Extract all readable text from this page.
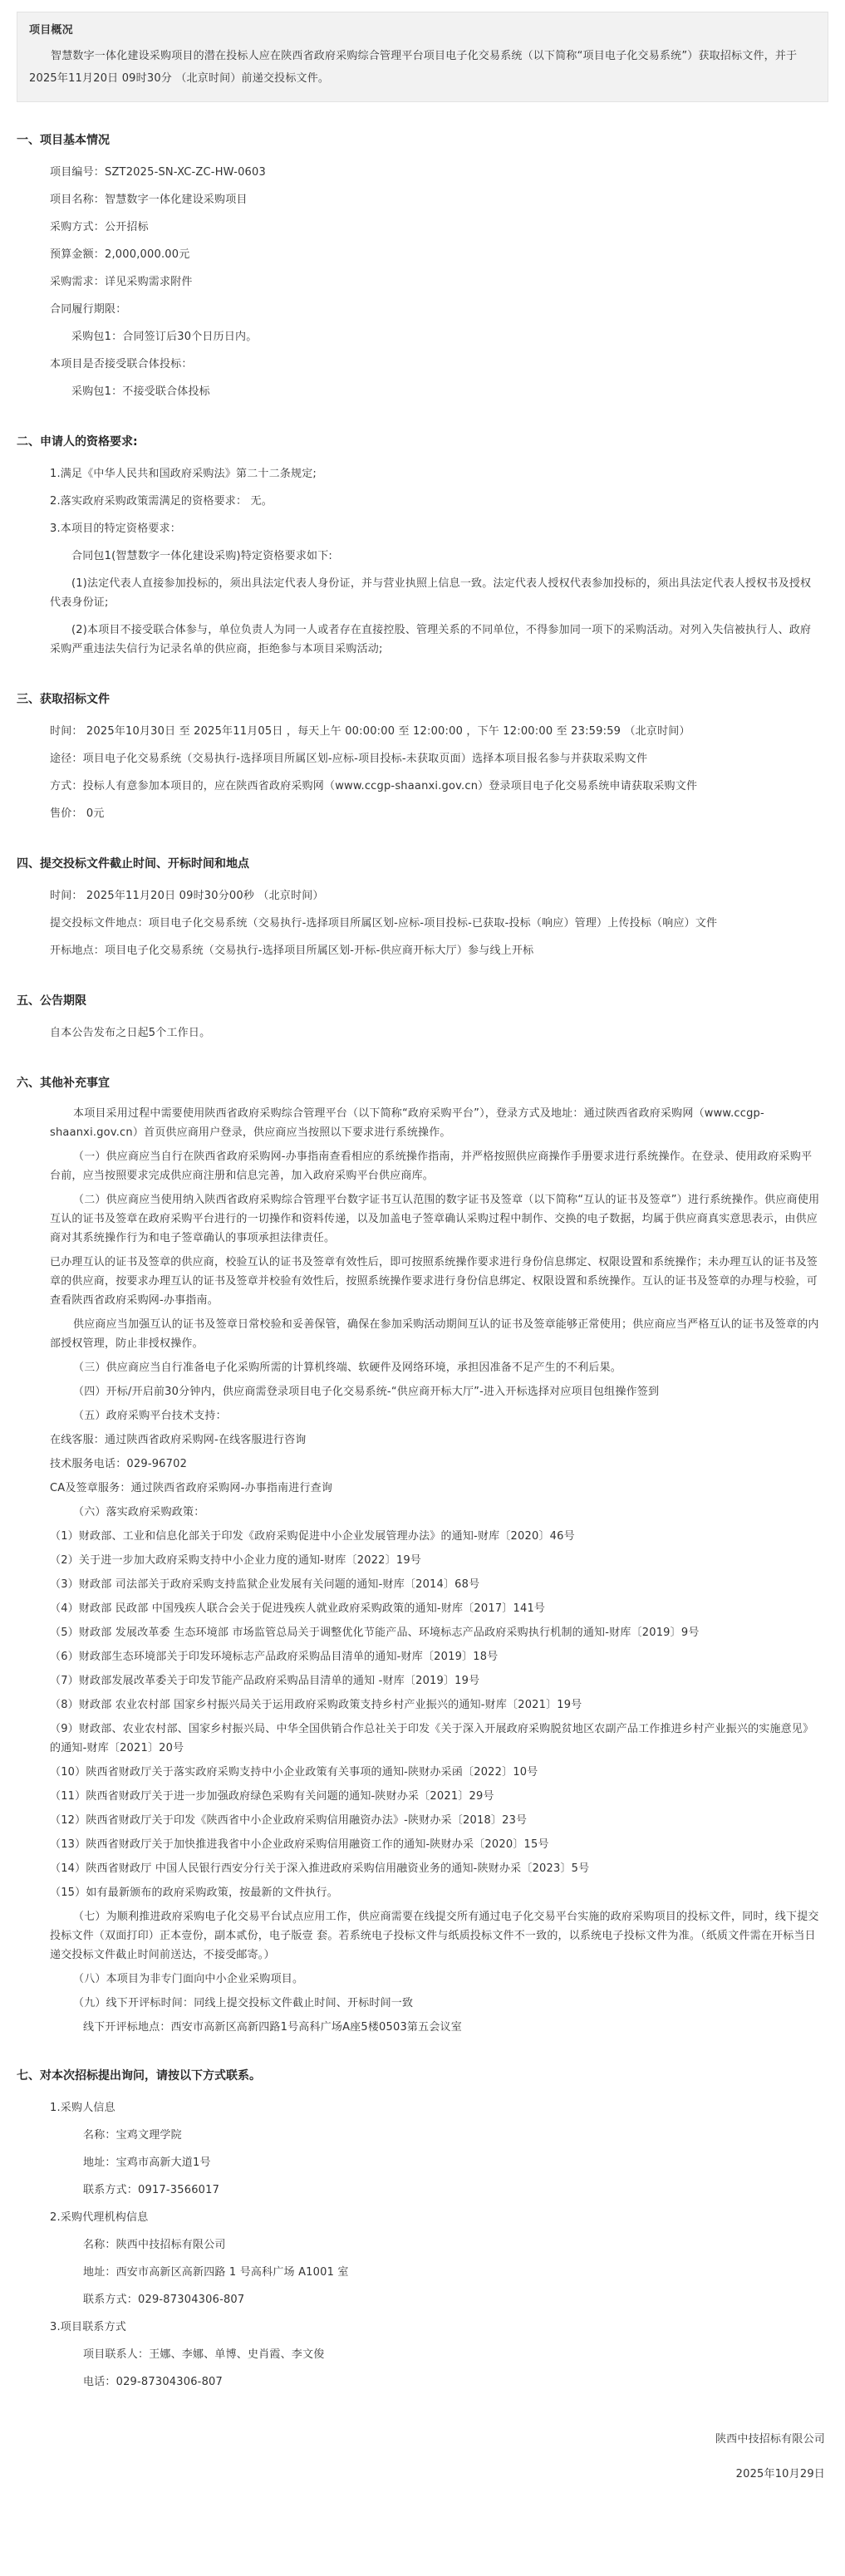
项目概况

智慧数字一体化建设采购项目的潜在投标人应在陕西省政府采购综合管理平台项目电子化交易系统（以下简称“项目电子化交易系统”）获取招标文件，并于 2025年11月20日 09时30分 （北京时间）前递交投标文件。

一、项目基本情况

项目编号：SZT2025-SN-XC-ZC-HW-0603

项目名称：智慧数字一体化建设采购项目

采购方式：公开招标

预算金额：2,000,000.00元

采购需求：详见采购需求附件

合同履行期限：

采购包1：合同签订后30个日历日内。

本项目是否接受联合体投标：

采购包1：不接受联合体投标

二、申请人的资格要求:

1.满足《中华人民共和国政府采购法》第二十二条规定;

2.落实政府采购政策需满足的资格要求： 无。

3.本项目的特定资格要求：

合同包1(智慧数字一体化建设采购)特定资格要求如下:

(1)法定代表人直接参加投标的，须出具法定代表人身份证，并与营业执照上信息一致。法定代表人授权代表参加投标的，须出具法定代表人授权书及授权代表身份证;

(2)本项目不接受联合体参与，单位负责人为同一人或者存在直接控股、管理关系的不同单位，不得参加同一项下的采购活动。对列入失信被执行人、政府采购严重违法失信行为记录名单的供应商，拒绝参与本项目采购活动;

三、获取招标文件

时间： 2025年10月30日 至 2025年11月05日 ，每天上午 00:00:00 至 12:00:00 ，下午 12:00:00 至 23:59:59 （北京时间）

途径：项目电子化交易系统（交易执行-选择项目所属区划-应标-项目投标-未获取页面）选择本项目报名参与并获取采购文件

方式：投标人有意参加本项目的，应在陕西省政府采购网（www.ccgp-shaanxi.gov.cn）登录项目电子化交易系统申请获取采购文件

售价： 0元

四、提交投标文件截止时间、开标时间和地点

时间： 2025年11月20日 09时30分00秒 （北京时间）

提交投标文件地点：项目电子化交易系统（交易执行-选择项目所属区划-应标-项目投标-已获取-投标（响应）管理）上传投标（响应）文件

开标地点：项目电子化交易系统（交易执行-选择项目所属区划-开标-供应商开标大厅）参与线上开标

五、公告期限

自本公告发布之日起5个工作日。

六、其他补充事宜

本项目采用过程中需要使用陕西省政府采购综合管理平台（以下简称“政府采购平台”），登录方式及地址：通过陕西省政府采购网（www.ccgp-shaanxi.gov.cn）首页供应商用户登录，供应商应当按照以下要求进行系统操作。

（一）供应商应当自行在陕西省政府采购网-办事指南查看相应的系统操作指南，并严格按照供应商操作手册要求进行系统操作。在登录、使用政府采购平台前，应当按照要求完成供应商注册和信息完善，加入政府采购平台供应商库。

（二）供应商应当使用纳入陕西省政府采购综合管理平台数字证书互认范围的数字证书及签章（以下简称“互认的证书及签章”）进行系统操作。供应商使用互认的证书及签章在政府采购平台进行的一切操作和资料传递，以及加盖电子签章确认采购过程中制作、交换的电子数据，均属于供应商真实意思表示，由供应商对其系统操作行为和电子签章确认的事项承担法律责任。

已办理互认的证书及签章的供应商，校验互认的证书及签章有效性后，即可按照系统操作要求进行身份信息绑定、权限设置和系统操作；未办理互认的证书及签章的供应商，按要求办理互认的证书及签章并校验有效性后，按照系统操作要求进行身份信息绑定、权限设置和系统操作。互认的证书及签章的办理与校验，可查看陕西省政府采购网-办事指南。

供应商应当加强互认的证书及签章日常校验和妥善保管，确保在参加采购活动期间互认的证书及签章能够正常使用；供应商应当严格互认的证书及签章的内部授权管理，防止非授权操作。

（三）供应商应当自行准备电子化采购所需的计算机终端、软硬件及网络环境，承担因准备不足产生的不利后果。

（四）开标/开启前30分钟内，供应商需登录项目电子化交易系统-“供应商开标大厅”-进入开标选择对应项目包组操作签到

（五）政府采购平台技术支持：

在线客服：通过陕西省政府采购网-在线客服进行咨询

技术服务电话：029-96702

CA及签章服务：通过陕西省政府采购网-办事指南进行查询

（六）落实政府采购政策：

（1）财政部、工业和信息化部关于印发《政府采购促进中小企业发展管理办法》的通知-财库〔2020〕46号

（2）关于进一步加大政府采购支持中小企业力度的通知-财库〔2022〕19号

（3）财政部 司法部关于政府采购支持监狱企业发展有关问题的通知-财库〔2014〕68号

（4）财政部 民政部 中国残疾人联合会关于促进残疾人就业政府采购政策的通知-财库〔2017〕141号

（5）财政部 发展改革委 生态环境部 市场监管总局关于调整优化节能产品、环境标志产品政府采购执行机制的通知-财库〔2019〕9号

（6）财政部生态环境部关于印发环境标志产品政府采购品目清单的通知-财库〔2019〕18号

（7）财政部发展改革委关于印发节能产品政府采购品目清单的通知 -财库〔2019〕19号

（8）财政部 农业农村部 国家乡村振兴局关于运用政府采购政策支持乡村产业振兴的通知-财库〔2021〕19号

（9）财政部、农业农村部、国家乡村振兴局、中华全国供销合作总社关于印发《关于深入开展政府采购脱贫地区农副产品工作推进乡村产业振兴的实施意见》的通知-财库〔2021〕20号

（10）陕西省财政厅关于落实政府采购支持中小企业政策有关事项的通知-陕财办采函〔2022〕10号

（11）陕西省财政厅关于进一步加强政府绿色采购有关问题的通知-陕财办采〔2021〕29号

（12）陕西省财政厅关于印发《陕西省中小企业政府采购信用融资办法》-陕财办采〔2018〕23号

（13）陕西省财政厅关于加快推进我省中小企业政府采购信用融资工作的通知-陕财办采〔2020〕15号

（14）陕西省财政厅 中国人民银行西安分行关于深入推进政府采购信用融资业务的通知-陕财办采〔2023〕5号

（15）如有最新颁布的政府采购政策，按最新的文件执行。

（七）为顺利推进政府采购电子化交易平台试点应用工作，供应商需要在线提交所有通过电子化交易平台实施的政府采购项目的投标文件，同时，线下提交投标文件（双面打印）正本壹份，副本贰份，电子版壹 套。若系统电子投标文件与纸质投标文件不一致的，以系统电子投标文件为准。（纸质文件需在开标当日递交投标文件截止时间前送达，不接受邮寄。）

（八）本项目为非专门面向中小企业采购项目。

（九）线下开评标时间：同线上提交投标文件截止时间、开标时间一致

线下开评标地点：西安市高新区高新四路1号高科广场A座5楼0503第五会议室

七、对本次招标提出询问，请按以下方式联系。

1.采购人信息

名称：宝鸡文理学院

地址：宝鸡市高新大道1号

联系方式：0917-3566017

2.采购代理机构信息

名称：陕西中技招标有限公司

地址：西安市高新区高新四路 1 号高科广场 A1001 室

联系方式：029-87304306-807

3.项目联系方式

项目联系人：王娜、李娜、单博、史肖霞、李文俊

电话：029-87304306-807

陕西中技招标有限公司

2025年10月29日
